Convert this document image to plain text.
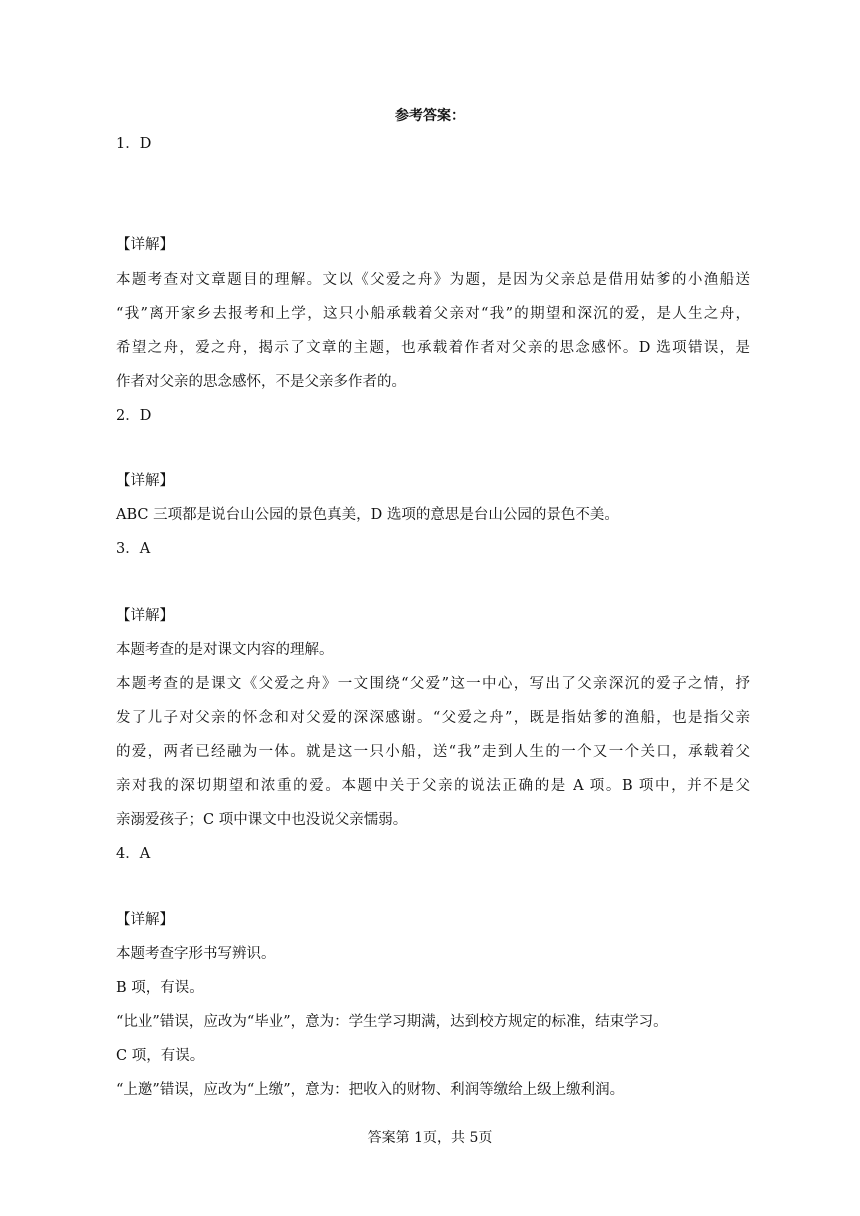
参考答案：
1．D
【详解】
本题考查对文章题目的理解。文以《父爱之舟》为题，是因为父亲总是借用姑爹的小渔船送
“我”离开家乡去报考和上学，这只小船承载着父亲对“我”的期望和深沉的爱，是人生之舟，
希望之舟，爱之舟，揭示了文章的主题，也承载着作者对父亲的思念感怀。D 选项错误，是
作者对父亲的思念感怀，不是父亲多作者的。
2．D
【详解】
ABC 三项都是说台山公园的景色真美，D 选项的意思是台山公园的景色不美。
3．A
【详解】
本题考查的是对课文内容的理解。
本题考查的是课文《父爱之舟》一文围绕“父爱”这一中心，写出了父亲深沉的爱子之情，抒
发了儿子对父亲的怀念和对父爱的深深感谢。“父爱之舟”，既是指姑爹的渔船，也是指父亲
的爱，两者已经融为一体。就是这一只小船，送“我”走到人生的一个又一个关口，承载着父
亲对我的深切期望和浓重的爱。本题中关于父亲的说法正确的是 A 项。B 项中，并不是父
亲溺爱孩子；C 项中课文中也没说父亲懦弱。
4．A
【详解】
本题考查字形书写辨识。
B 项，有误。
“比业”错误，应改为“毕业”，意为：学生学习期满，达到校方规定的标准，结束学习。
C 项，有误。
“上邀”错误，应改为“上缴”，意为：把收入的财物、利润等缴给上级上缴利润。
答案第 1页，共 5页
